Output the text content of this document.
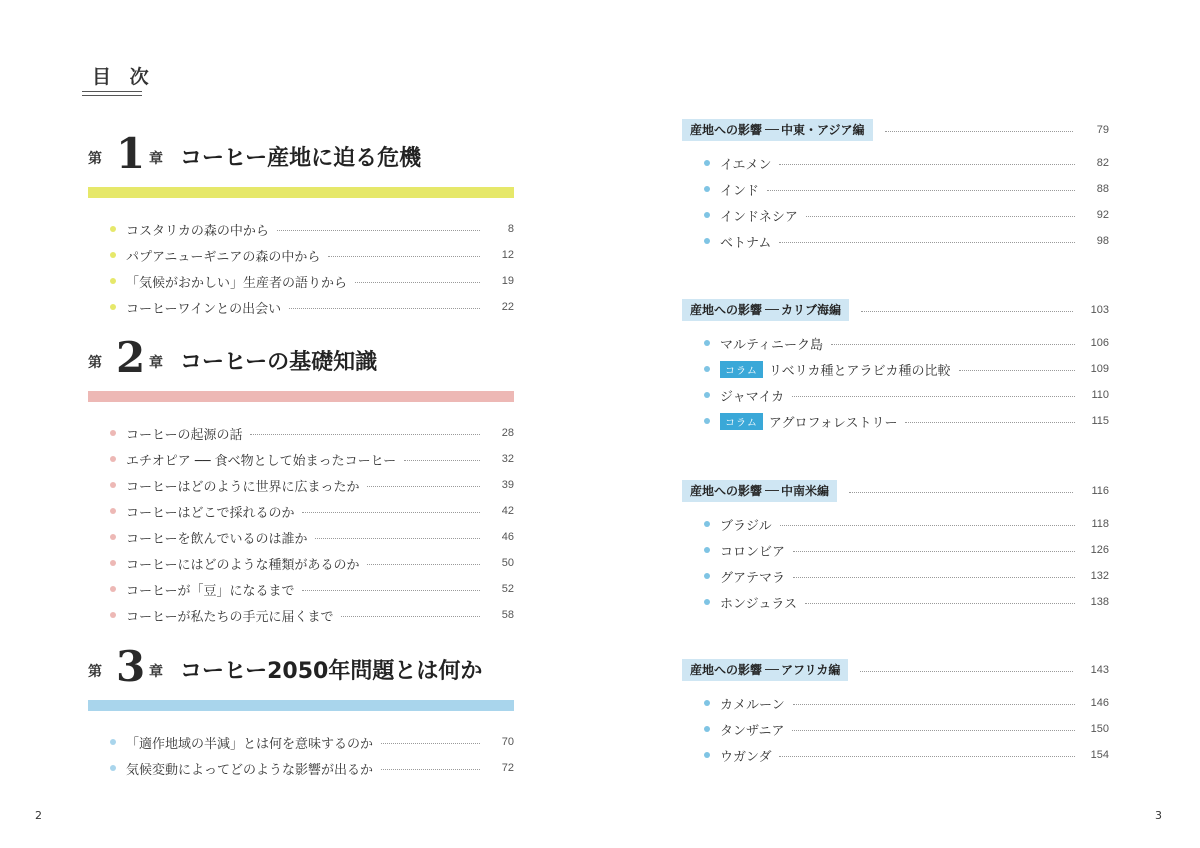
目 次
第 1 章 コーヒー産地に迫る危機
コスタリカの森の中から	8
パプアニューギニアの森の中から	12
「気候がおかしい」生産者の語りから	19
コーヒーワインとの出会い	22
第 2 章 コーヒーの基礎知識
コーヒーの起源の話	28
エチオピア ── 食べ物として始まったコーヒー	32
コーヒーはどのように世界に広まったか	39
コーヒーはどこで採れるのか	42
コーヒーを飲んでいるのは誰か	46
コーヒーにはどのような種類があるのか	50
コーヒーが「豆」になるまで	52
コーヒーが私たちの手元に届くまで	58
第 3 章 コーヒー2050年問題とは何か
「適作地域の半減」とは何を意味するのか	70
気候変動によってどのような影響が出るか	72
産地への影響 中東・アジア編	79
イエメン	82
インド	88
インドネシア	92
ベトナム	98
産地への影響 カリブ海編	103
マルティニーク島	106
コラム リベリカ種とアラビカ種の比較	109
ジャマイカ	110
コラム アグロフォレストリー	115
産地への影響 中南米編	116
ブラジル	118
コロンビア	126
グアテマラ	132
ホンジュラス	138
産地への影響 アフリカ編	143
カメルーン	146
タンザニア	150
ウガンダ	154
2	3
